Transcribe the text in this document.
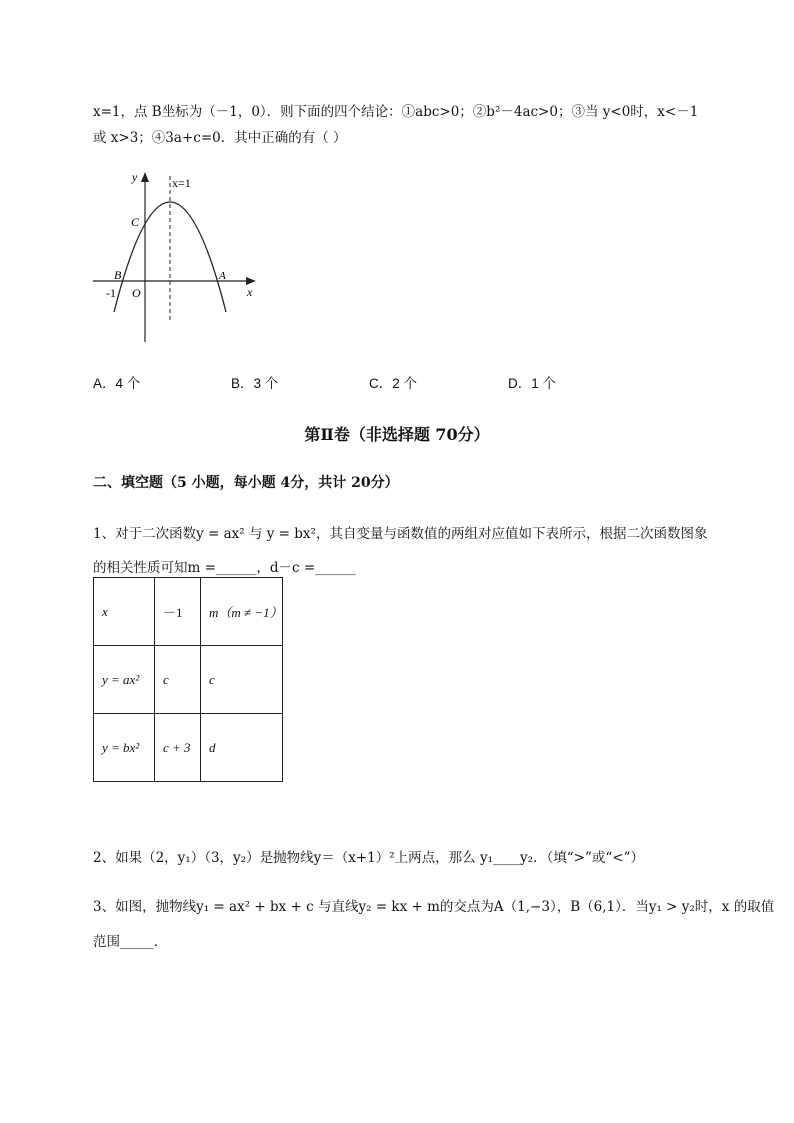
x=1，点 B坐标为（－1，0）．则下面的四个结论：①abc>0；②b²－4ac>0；③当 y<0时，x<－1
或 x>3；④3a+c=0．其中正确的有（ ）
y
x
x=1
C
B	A
O
-1
A．4 个	B．3 个	C．2 个	D．1 个
第Ⅱ卷（非选择题 70分）
二、填空题（5 小题，每小题 4分，共计 20分）
1、对于二次函数y = ax² 与 y = bx²，其自变量与函数值的两组对应值如下表所示，根据二次函数图象
的相关性质可知m =______，d－c =______
x	－1	m（m ≠ −1）
y = ax²	c	c
y = bx²	c + 3	d
2、如果（2，y₁）（3，y₂）是抛物线y＝（x+1）²上两点，那么 y₁____y₂．（填“>”或“<”）
3、如图，抛物线y₁ = ax² + bx + c 与直线y₂ = kx + m的交点为A（1,−3），B（6,1）．当y₁ > y₂时，x 的取值
范围_____．
